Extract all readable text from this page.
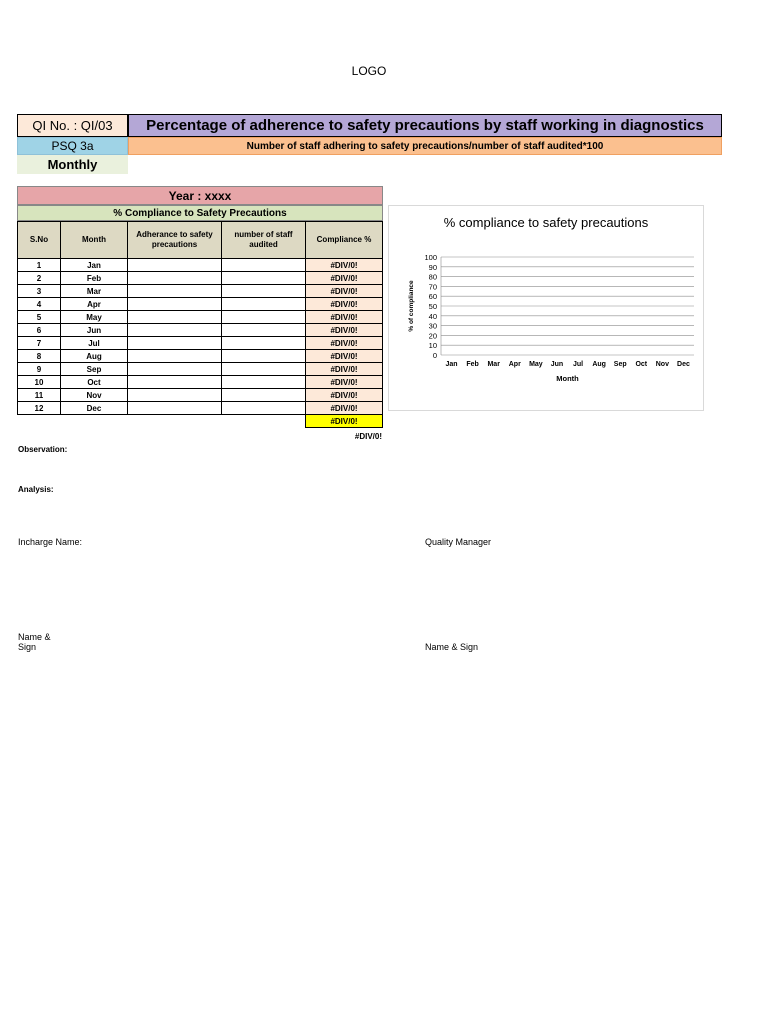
LOGO
QI No. : QI/03	Percentage of adherence to safety precautions by staff working in diagnostics
PSQ 3a	Number of staff adhering to safety precautions/number of staff audited*100
Monthly
Year : xxxx
% Compliance to Safety Precautions
S.No	Month	Adherance to safety precautions	number of staff audited	Compliance %
1	Jan			#DIV/0!
2	Feb			#DIV/0!
3	Mar			#DIV/0!
4	Apr			#DIV/0!
5	May			#DIV/0!
6	Jun			#DIV/0!
7	Jul			#DIV/0!
8	Aug			#DIV/0!
9	Sep			#DIV/0!
10	Oct			#DIV/0!
11	Nov			#DIV/0!
12	Dec			#DIV/0!
				#DIV/0!
#DIV/0!
% compliance to safety precautions
0
10
20
30
40
50
60
70
80
90
100
Jan Feb Mar Apr May Jun Jul Aug Sep Oct Nov Dec
Month
% of compliance
Observation:
Analysis:
Incharge Name:	Quality Manager
Name &
Sign	Name & Sign
